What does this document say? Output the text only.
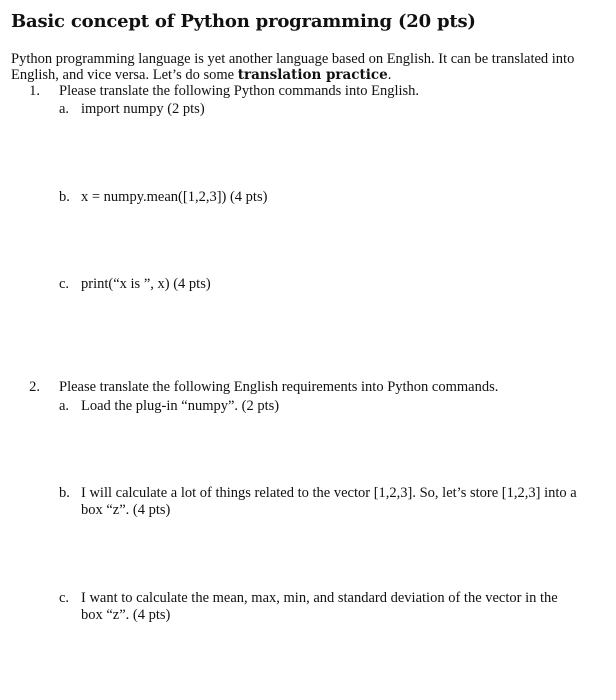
Basic concept of Python programming (20 pts)
Python programming language is yet another language based on English. It can be translated into
English, and vice versa. Let’s do some translation practice.
1. Please translate the following Python commands into English.
a. import numpy (2 pts)
b. x = numpy.mean([1,2,3]) (4 pts)
c. print(“x is ”, x) (4 pts)
2. Please translate the following English requirements into Python commands.
a. Load the plug-in “numpy”. (2 pts)
b. I will calculate a lot of things related to the vector [1,2,3]. So, let’s store [1,2,3] into a
box “z”. (4 pts)
c. I want to calculate the mean, max, min, and standard deviation of the vector in the
box “z”. (4 pts)
